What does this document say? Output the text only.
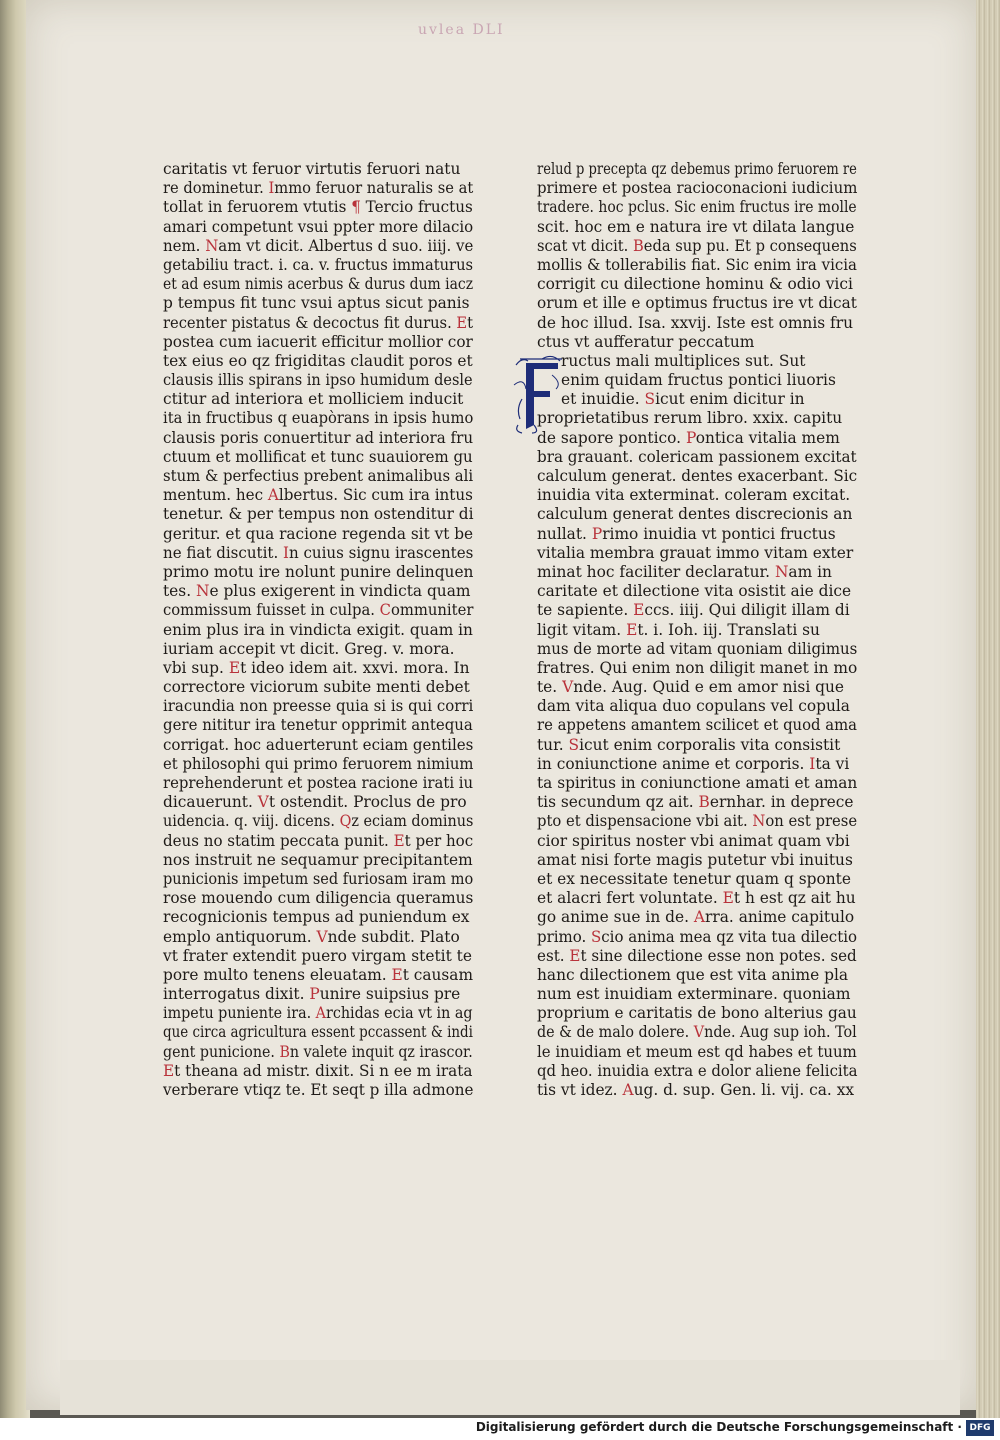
uvlea DLI
caritatis vt feruor virtutis feruori natu
re dominetur. Immo feruor naturalis se at
tollat in feruorem vtutis ¶ Tercio fructus
amari competunt vsui ppter more dilacio
nem. Nam vt dicit. Albertus d suo. iiij. ve
getabiliu tract. i. ca. v. fructus immaturus
et ad esum nimis acerbus & durus dum iacz
p tempus fit tunc vsui aptus sicut panis
recenter pistatus & decoctus fit durus. Et
postea cum iacuerit efficitur mollior cor
tex eius eo qz frigiditas claudit poros et
clausis illis spirans in ipso humidum desle
ctitur ad interiora et molliciem inducit
ita in fructibus q euapòrans in ipsis humo
clausis poris conuertitur ad interiora fru
ctuum et mollificat et tunc suauiorem gu
stum & perfectius prebent animalibus ali
mentum. hec Albertus. Sic cum ira intus
tenetur. & per tempus non ostenditur di
geritur. et qua racione regenda sit vt be
ne fiat discutit. In cuius signu irascentes
primo motu ire nolunt punire delinquen
tes. Ne plus exigerent in vindicta quam
commissum fuisset in culpa. Communiter
enim plus ira in vindicta exigit. quam in
iuriam accepit vt dicit. Greg. v. mora.
vbi sup. Et ideo idem ait. xxvi. mora. In
correctore viciorum subite menti debet
iracundia non preesse quia si is qui corri
gere nititur ira tenetur opprimit antequa
corrigat. hoc aduerterunt eciam gentiles
et philosophi qui primo feruorem nimium
reprehenderunt et postea racione irati iu
dicauerunt. Vt ostendit. Proclus de pro
uidencia. q. viij. dicens. Qz eciam dominus
deus no statim peccata punit. Et per hoc
nos instruit ne sequamur precipitantem
punicionis impetum sed furiosam iram mo
rose mouendo cum diligencia queramus
recognicionis tempus ad puniendum ex
emplo antiquorum. Vnde subdit. Plato
vt frater extendit puero virgam stetit te
pore multo tenens eleuatam. Et causam
interrogatus dixit. Punire suipsius pre
impetu puniente ira. Archidas ecia vt in ag
que circa agricultura essent pccassent & indi
gent punicione. Bn valete inquit qz irascor.
Et theana ad mistr. dixit. Si n ee m irata
verberare vtiqz te. Et seqt p illa admone
relud p precepta qz debemus primo feruorem re
primere et postea racioconacioni iudicium
tradere. hoc pclus. Sic enim fructus ire molle
scit. hoc em e natura ire vt dilata langue
scat vt dicit. Beda sup pu. Et p consequens
mollis & tollerabilis fiat. Sic enim ira vicia
corrigit cu dilectione hominu & odio vici
orum et ille e optimus fructus ire vt dicat
de hoc illud. Isa. xxvij. Iste est omnis fru
ctus vt aufferatur peccatum
ructus mali multiplices sut. Sut
enim quidam fructus pontici liuoris
et inuidie. Sicut enim dicitur in
proprietatibus rerum libro. xxix. capitu
de sapore pontico. Pontica vitalia mem
bra grauant. colericam passionem excitat
calculum generat. dentes exacerbant. Sic
inuidia vita exterminat. coleram excitat.
calculum generat dentes discrecionis an
nullat. Primo inuidia vt pontici fructus
vitalia membra grauat immo vitam exter
minat hoc faciliter declaratur. Nam in
caritate et dilectione vita osistit aie dice
te sapiente. Eccs. iiij. Qui diligit illam di
ligit vitam. Et. i. Ioh. iij. Translati su
mus de morte ad vitam quoniam diligimus
fratres. Qui enim non diligit manet in mo
te. Vnde. Aug. Quid e em amor nisi que
dam vita aliqua duo copulans vel copula
re appetens amantem scilicet et quod ama
tur. Sicut enim corporalis vita consistit
in coniunctione anime et corporis. Ita vi
ta spiritus in coniunctione amati et aman
tis secundum qz ait. Bernhar. in deprece
pto et dispensacione vbi ait. Non est prese
cior spiritus noster vbi animat quam vbi
amat nisi forte magis putetur vbi inuitus
et ex necessitate tenetur quam q sponte
et alacri fert voluntate. Et h est qz ait hu
go anime sue in de. Arra. anime capitulo
primo. Scio anima mea qz vita tua dilectio
est. Et sine dilectione esse non potes. sed
hanc dilectionem que est vita anime pla
num est inuidiam exterminare. quoniam
proprium e caritatis de bono alterius gau
de & de malo dolere. Vnde. Aug sup ioh. Tol
le inuidiam et meum est qd habes et tuum
qd heo. inuidia extra e dolor aliene felicita
tis vt idez. Aug. d. sup. Gen. li. vij. ca. xx
Digitalisierung gefördert durch die Deutsche Forschungsgemeinschaft · DFG
